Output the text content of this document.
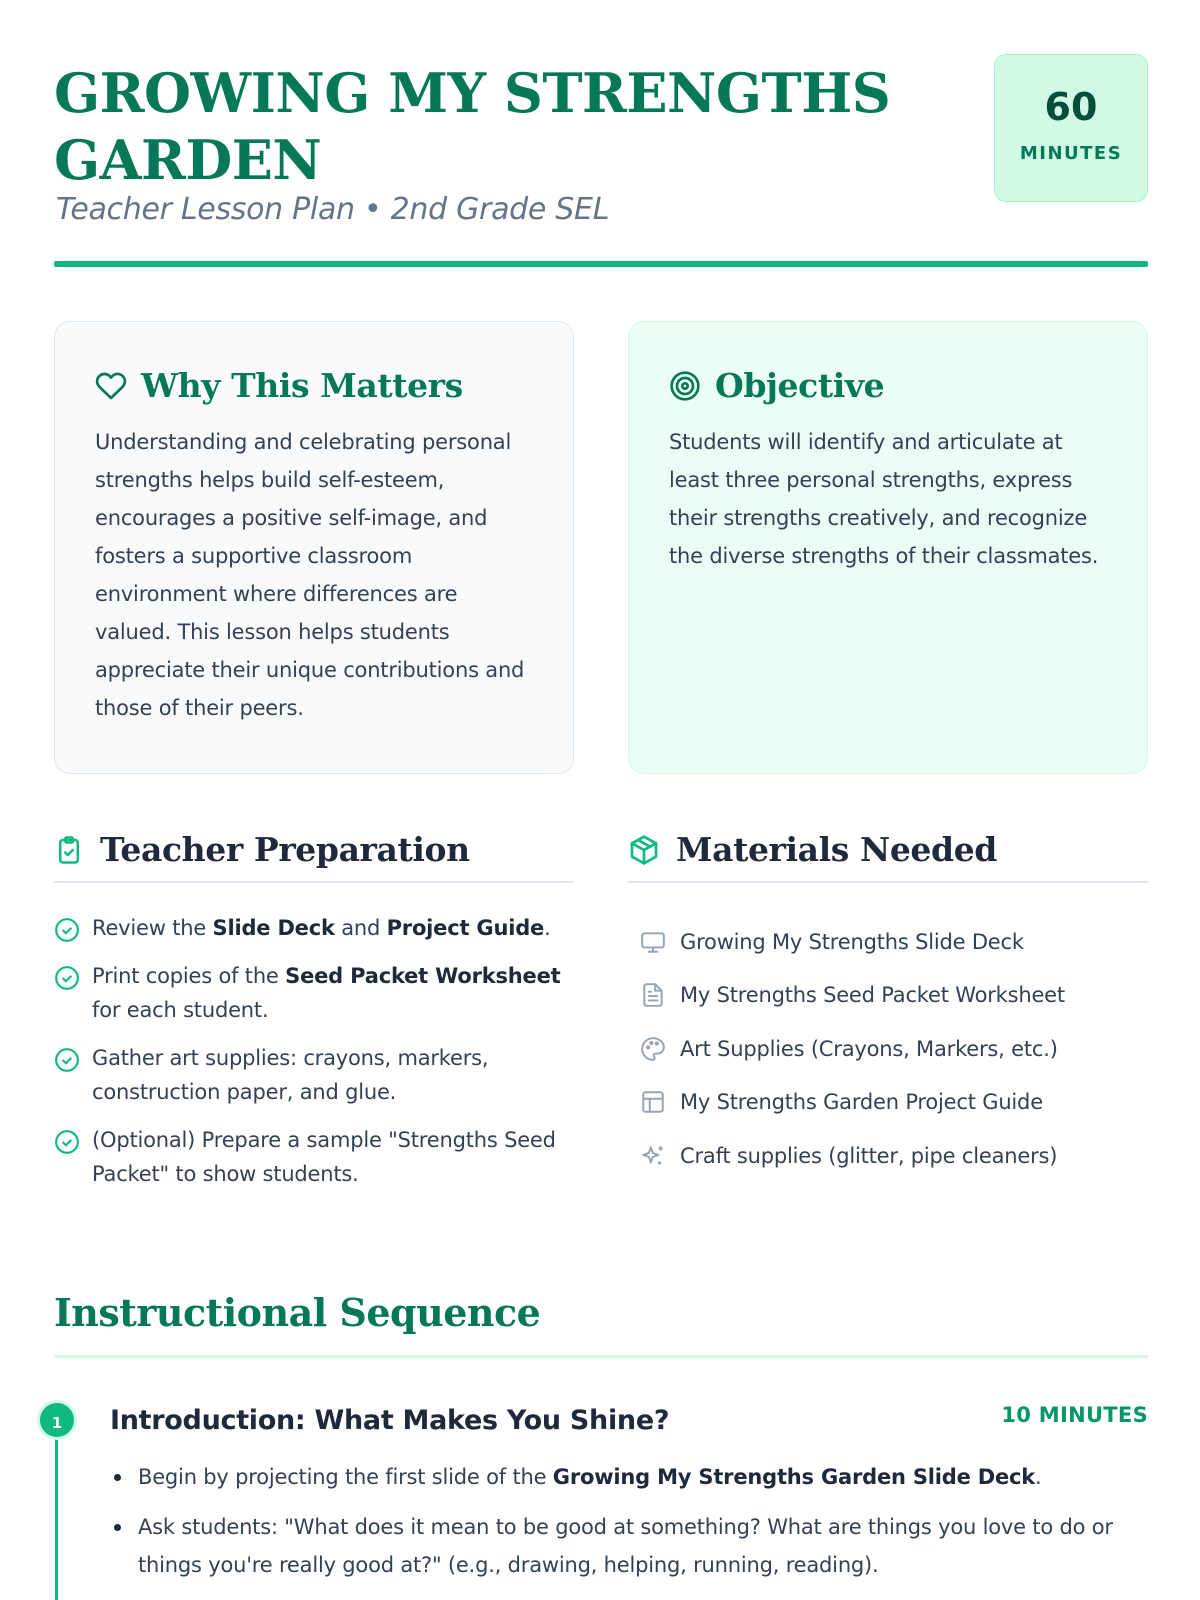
GROWING MY STRENGTHS GARDEN
Teacher Lesson Plan • 2nd Grade SEL
60
MINUTES
Why This Matters

Understanding and celebrating personal strengths helps build self-esteem, encourages a positive self-image, and fosters a supportive classroom environment where differences are valued. This lesson helps students appreciate their unique contributions and those of their peers.

Objective

Students will identify and articulate at least three personal strengths, express their strengths creatively, and recognize the diverse strengths of their classmates.

Teacher Preparation
Review the Slide Deck and Project Guide.
Print copies of the Seed Packet Worksheet for each student.
Gather art supplies: crayons, markers, construction paper, and glue.
(Optional) Prepare a sample "Strengths Seed Packet" to show students.
Materials Needed
Growing My Strengths Slide Deck
My Strengths Seed Packet Worksheet
Art Supplies (Crayons, Markers, etc.)
My Strengths Garden Project Guide
Craft supplies (glitter, pipe cleaners)
Instructional Sequence
1	Introduction: What Makes You Shine?	10 MINUTES
Begin by projecting the first slide of the Growing My Strengths Garden Slide Deck.
Ask students: "What does it mean to be good at something? What are things you love to do or things you're really good at?" (e.g., drawing, helping, running, reading).
